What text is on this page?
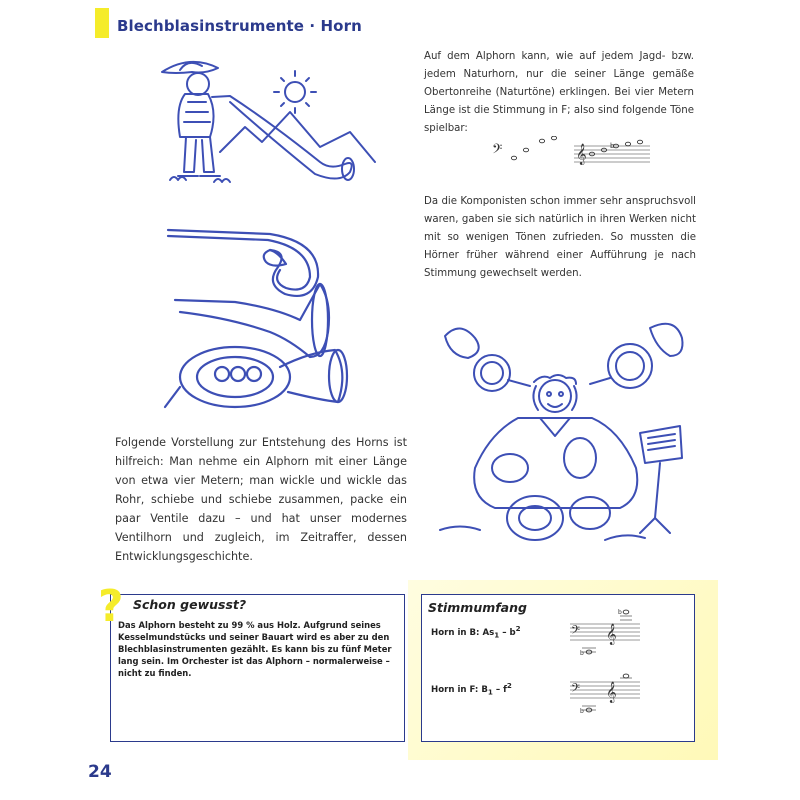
Blechblasinstrumente · Horn
Auf dem Alphorn kann, wie auf jedem Jagd- bzw. jedem Naturhorn, nur die seiner Länge gemäße Obertonreihe (Naturtöne) erklingen. Bei vier Metern Länge ist die Stimmung in F; also sind folgende Töne spielbar:
𝄢	𝄞	b
Da die Komponisten schon immer sehr anspruchsvoll waren, gaben sie sich natürlich in ihren Werken nicht mit so wenigen Tönen zufrieden. So mussten die Hörner früher während einer Aufführung je nach Stimmung gewechselt werden.
Folgende Vorstellung zur Entstehung des Horns ist hilfreich: Man nehme ein Alphorn mit einer Länge von etwa vier Metern; man wickle und wickle das Rohr, schiebe und schiebe zusammen, packe ein paar Ventile dazu – und hat unser modernes Ventilhorn und zugleich, im Zeitraffer, dessen Entwicklungsgeschichte.
? Schon gewusst?
Das Alphorn besteht zu 99 % aus Holz. Aufgrund seines Kesselmundstücks und seiner Bauart wird es aber zu den Blechblasinstrumenten gezählt. Es kann bis zu fünf Meter lang sein. Im Orchester ist das Alphorn – normalerweise – nicht zu finden.
Stimmumfang
Horn in B: $As_1 - b^2$
Horn in F: $B_1 - f^2$
𝄢 𝄞
b
b
𝄢 𝄞
b
24
